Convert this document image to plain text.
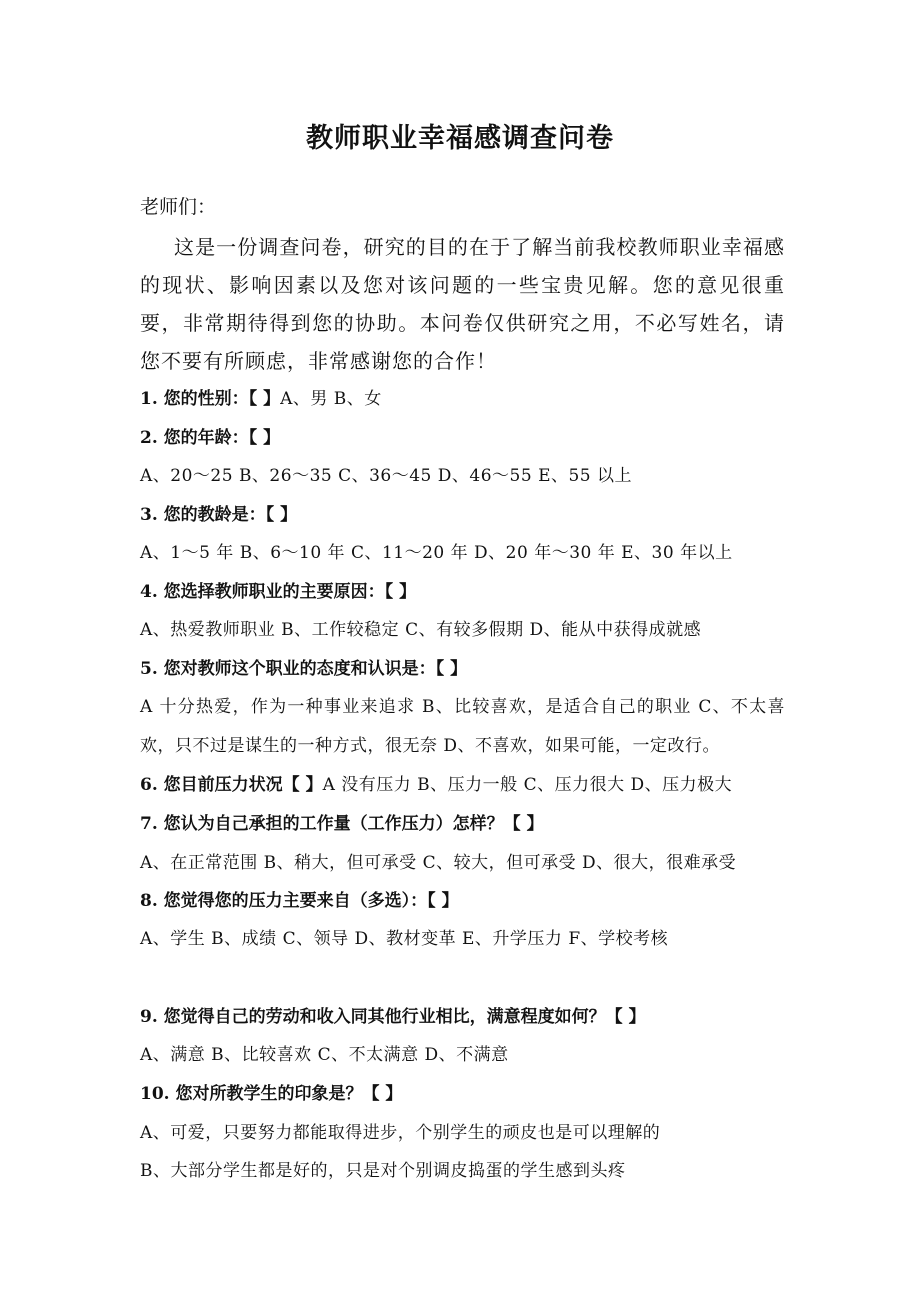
教师职业幸福感调查问卷
老师们：
这是一份调查问卷，研究的目的在于了解当前我校教师职业幸福感的现状、影响因素以及您对该问题的一些宝贵见解。您的意见很重要，非常期待得到您的协助。本问卷仅供研究之用，不必写姓名，请您不要有所顾虑，非常感谢您的合作！
1. 您的性别：【 】A、男 B、女
2. 您的年龄：【 】
A、20～25 B、26～35 C、36～45 D、46～55 E、55 以上
3. 您的教龄是：【 】
A、1～5 年 B、6～10 年 C、11～20 年 D、20 年～30 年 E、30 年以上
4. 您选择教师职业的主要原因：【 】
A、热爱教师职业 B、工作较稳定 C、有较多假期 D、能从中获得成就感
5. 您对教师这个职业的态度和认识是：【 】
A 十分热爱，作为一种事业来追求 B、比较喜欢，是适合自己的职业 C、不太喜欢，只不过是谋生的一种方式，很无奈 D、不喜欢，如果可能，一定改行。
6. 您目前压力状况【 】A 没有压力 B、压力一般 C、压力很大 D、压力极大
7. 您认为自己承担的工作量（工作压力）怎样？【 】
A、在正常范围 B、稍大，但可承受 C、较大，但可承受 D、很大，很难承受
8. 您觉得您的压力主要来自（多选）：【 】
A、学生 B、成绩 C、领导 D、教材变革 E、升学压力 F、学校考核
9. 您觉得自己的劳动和收入同其他行业相比，满意程度如何？【 】
A、满意 B、比较喜欢 C、不太满意 D、不满意
10. 您对所教学生的印象是？【 】
A、可爱，只要努力都能取得进步，个别学生的顽皮也是可以理解的
B、大部分学生都是好的，只是对个别调皮捣蛋的学生感到头疼
